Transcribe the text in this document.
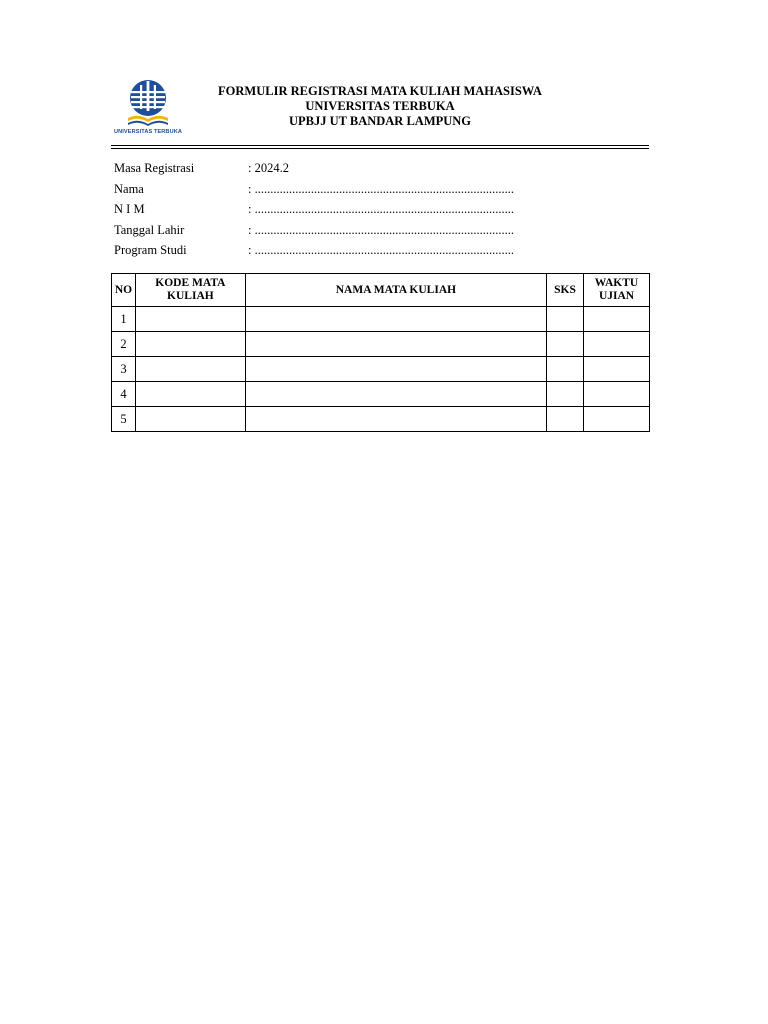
UNIVERSITAS TERBUKA
FORMULIR REGISTRASI MATA KULIAH MAHASISWA
UNIVERSITAS TERBUKA
UPBJJ UT BANDAR LAMPUNG
Masa Registrasi	: 2024.2
Nama	: ...................................................................................
N I M	: ...................................................................................
Tanggal Lahir	: ...................................................................................
Program Studi	: ...................................................................................
NO	KODE MATA KULIAH	NAMA MATA KULIAH	SKS	WAKTU UJIAN
1				
2				
3				
4				
5				
